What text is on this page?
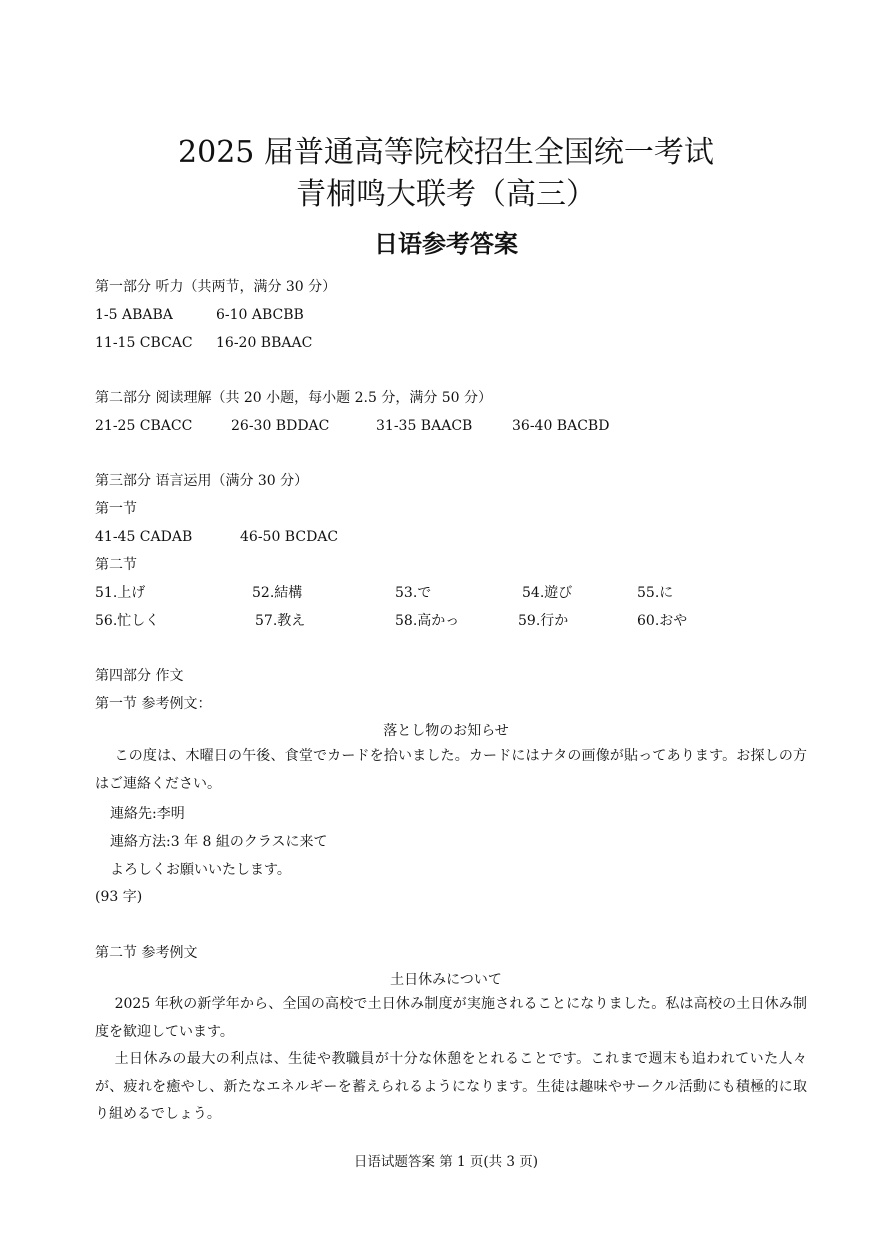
2025 届普通高等院校招生全国统一考试
青桐鸣大联考（高三）
日语参考答案
第一部分 听力（共两节，满分 30 分）
1-5 ABABA	6-10 ABCBB
11-15 CBCAC 16-20 BBAAC
第二部分 阅读理解（共 20 小题，每小题 2.5 分，满分 50 分）
21-25 CBACC	26-30 BDDAC	31-35 BAACB	36-40 BACBD
第三部分 语言运用（满分 30 分）
第一节
41-45 CADAB	46-50 BCDAC
第二节
51.上げ	52.結構	53.で	54.遊び	55.に
56.忙しく	57.教え	58.高かっ	59.行か	60.おや
第四部分 作文
第一节 参考例文：
落とし物のお知らせ
この度は、木曜日の午後、食堂でカードを拾いました。カードにはナタの画像が貼ってあります。お探しの方はご連絡ください。
連絡先:李明
連絡方法:3 年 8 組のクラスに来て
よろしくお願いいたします。
(93 字)
第二节 参考例文
土日休みについて
2025 年秋の新学年から、全国の高校で土日休み制度が実施されることになりました。私は高校の土日休み制度を歓迎しています。
土日休みの最大の利点は、生徒や教職員が十分な休憩をとれることです。これまで週末も追われていた人々が、疲れを癒やし、新たなエネルギーを蓄えられるようになります。生徒は趣味やサークル活動にも積極的に取り組めるでしょう。
日语试题答案 第 1 页(共 3 页)
